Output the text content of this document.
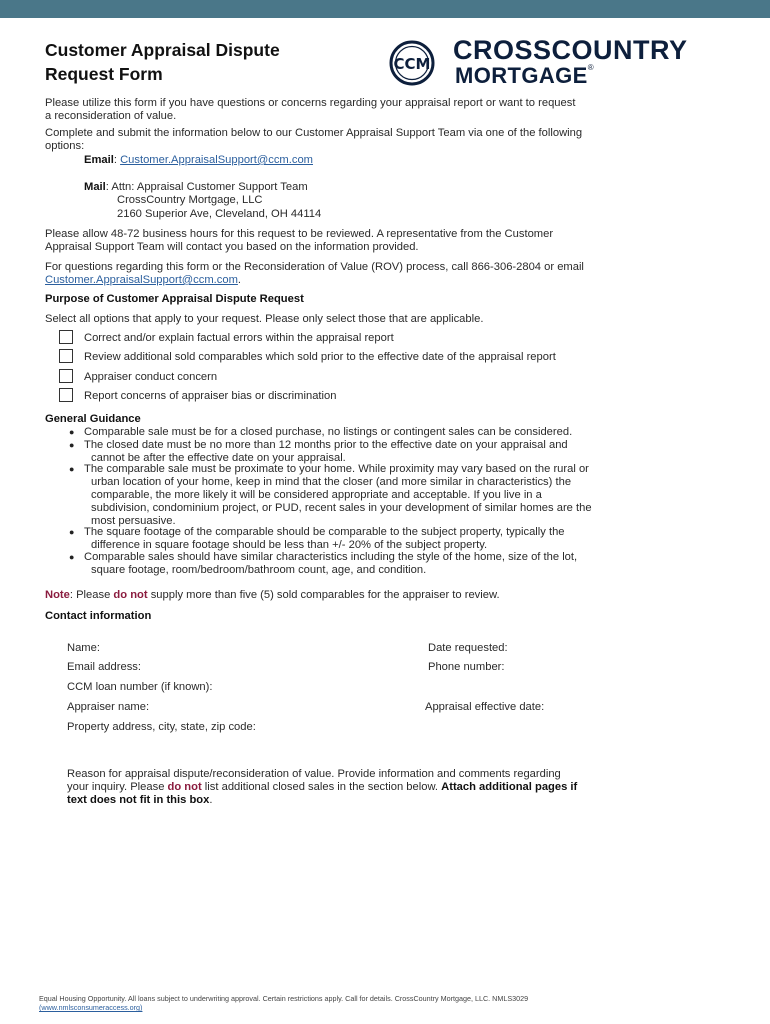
Customer Appraisal Dispute
Request Form	CCM CROSSCOUNTRY
MORTGAGE®
Please utilize this form if you have questions or concerns regarding your appraisal report or want to request
a reconsideration of value.
Complete and submit the information below to our Customer Appraisal Support Team via one of the following
options:
Email: Customer.AppraisalSupport@ccm.com
Mail: Attn: Appraisal Customer Support Team
CrossCountry Mortgage, LLC
2160 Superior Ave, Cleveland, OH 44114
Please allow 48-72 business hours for this request to be reviewed. A representative from the Customer
Appraisal Support Team will contact you based on the information provided.
For questions regarding this form or the Reconsideration of Value (ROV) process, call 866-306-2804 or email
Customer.AppraisalSupport@ccm.com.
Purpose of Customer Appraisal Dispute Request
Select all options that apply to your request. Please only select those that are applicable.
Correct and/or explain factual errors within the appraisal report
Review additional sold comparables which sold prior to the effective date of the appraisal report
Appraiser conduct concern
Report concerns of appraiser bias or discrimination
General Guidance
● Comparable sale must be for a closed purchase, no listings or contingent sales can be considered.
● The closed date must be no more than 12 months prior to the effective date on your appraisal and
cannot be after the effective date on your appraisal.
● The comparable sale must be proximate to your home. While proximity may vary based on the rural or
urban location of your home, keep in mind that the closer (and more similar in characteristics) the
comparable, the more likely it will be considered appropriate and acceptable. If you live in a
subdivision, condominium project, or PUD, recent sales in your development of similar homes are the
most persuasive.
● The square footage of the comparable should be comparable to the subject property, typically the
difference in square footage should be less than +/- 20% of the subject property.
● Comparable sales should have similar characteristics including the style of the home, size of the lot,
square footage, room/bedroom/bathroom count, age, and condition.
Note: Please do not supply more than five (5) sold comparables for the appraiser to review.
Contact information
Name:	Date requested:
Email address:	Phone number:
CCM loan number (if known):
Appraiser name:	Appraisal effective date:
Property address, city, state, zip code:
Reason for appraisal dispute/reconsideration of value. Provide information and comments regarding
your inquiry. Please do not list additional closed sales in the section below. Attach additional pages if
text does not fit in this box.
Equal Housing Opportunity. All loans subject to underwriting approval. Certain restrictions apply. Call for details. CrossCountry Mortgage, LLC. NMLS3029
(www.nmlsconsumeraccess.org)
